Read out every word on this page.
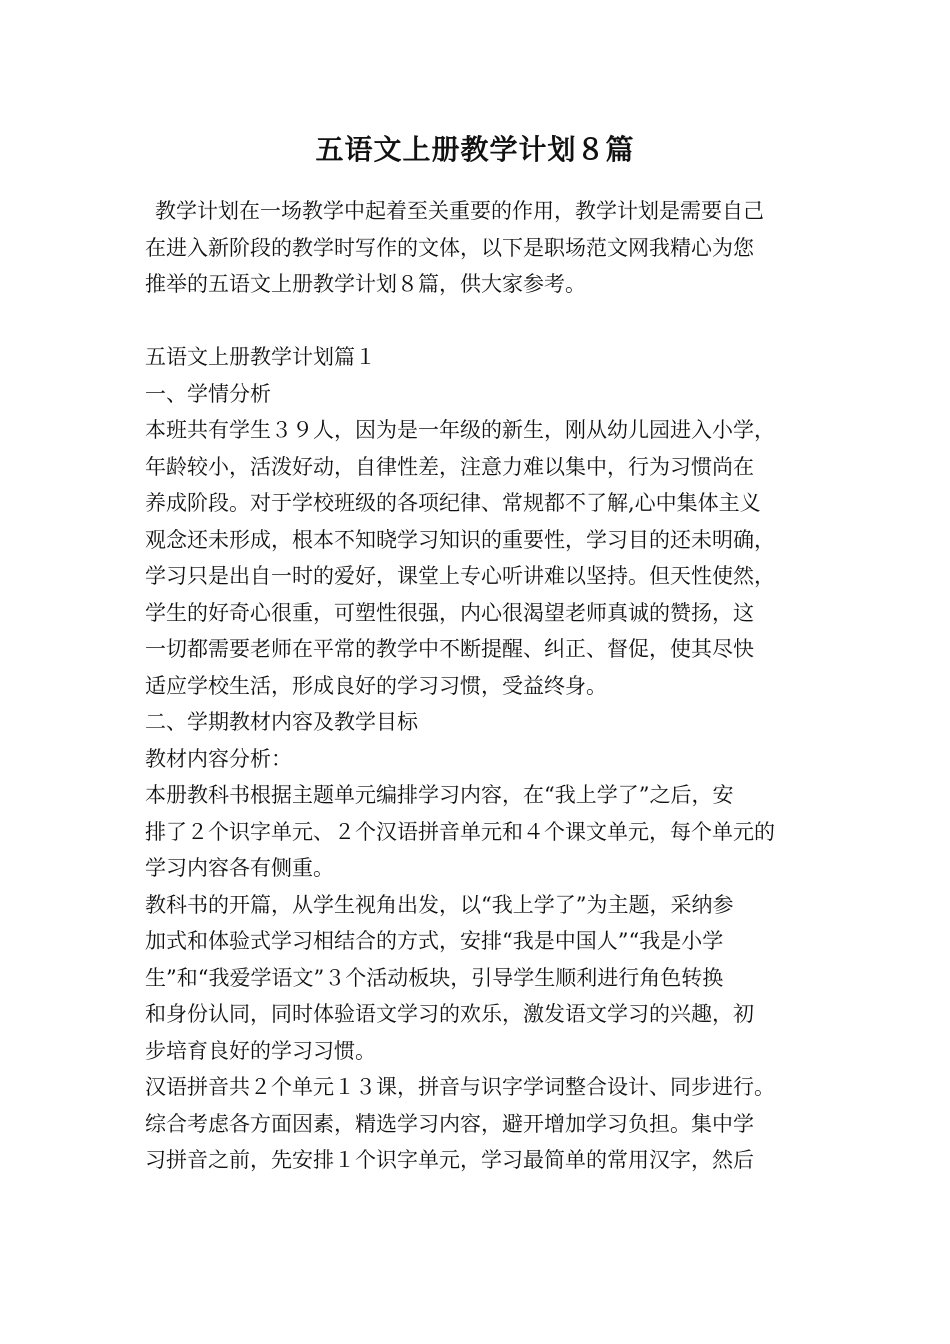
五语文上册教学计划８篇
教学计划在一场教学中起着至关重要的作用，教学计划是需要自己
在进入新阶段的教学时写作的文体，以下是职场范文网我精心为您
推举的五语文上册教学计划８篇，供大家参考。
五语文上册教学计划篇１
一、学情分析
本班共有学生３９人，因为是一年级的新生，刚从幼儿园进入小学，
年龄较小，活泼好动，自律性差，注意力难以集中，行为习惯尚在
养成阶段。对于学校班级的各项纪律、常规都不了解,心中集体主义
观念还未形成，根本不知晓学习知识的重要性，学习目的还未明确，
学习只是出自一时的爱好，课堂上专心听讲难以坚持。但天性使然，
学生的好奇心很重，可塑性很强，内心很渴望老师真诚的赞扬，这
一切都需要老师在平常的教学中不断提醒、纠正、督促，使其尽快
适应学校生活，形成良好的学习习惯，受益终身。
二、学期教材内容及教学目标
教材内容分析：
本册教科书根据主题单元编排学习内容，在“我上学了”之后，安
排了２个识字单元、２个汉语拼音单元和４个课文单元，每个单元的
学习内容各有侧重。
教科书的开篇，从学生视角出发，以“我上学了”为主题，采纳参
加式和体验式学习相结合的方式，安排“我是中国人”“我是小学
生”和“我爱学语文”３个活动板块，引导学生顺利进行角色转换
和身份认同，同时体验语文学习的欢乐，激发语文学习的兴趣，初
步培育良好的学习习惯。
汉语拼音共２个单元１３课，拼音与识字学词整合设计、同步进行。
综合考虑各方面因素，精选学习内容，避开增加学习负担。集中学
习拼音之前，先安排１个识字单元，学习最简单的常用汉字，然后
